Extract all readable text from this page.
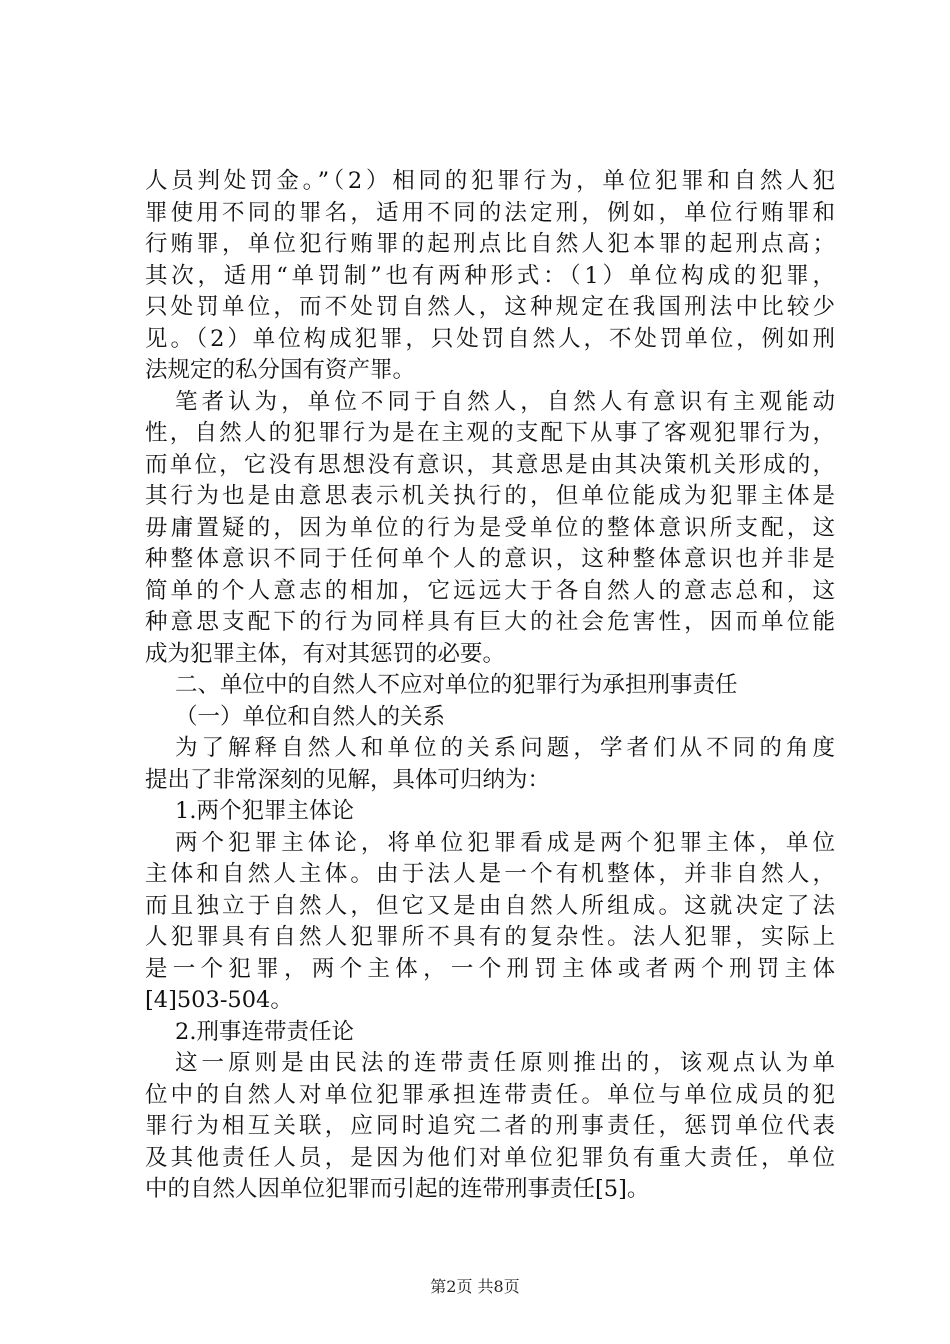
人员判处罚金。”（2）相同的犯罪行为，单位犯罪和自然人犯
罪使用不同的罪名，适用不同的法定刑，例如，单位行贿罪和
行贿罪，单位犯行贿罪的起刑点比自然人犯本罪的起刑点高；
其次，适用“单罚制”也有两种形式：（1）单位构成的犯罪，
只处罚单位，而不处罚自然人，这种规定在我国刑法中比较少
见。（2）单位构成犯罪，只处罚自然人，不处罚单位，例如刑
法规定的私分国有资产罪。
笔者认为，单位不同于自然人，自然人有意识有主观能动
性，自然人的犯罪行为是在主观的支配下从事了客观犯罪行为，
而单位，它没有思想没有意识，其意思是由其决策机关形成的，
其行为也是由意思表示机关执行的，但单位能成为犯罪主体是
毋庸置疑的，因为单位的行为是受单位的整体意识所支配，这
种整体意识不同于任何单个人的意识，这种整体意识也并非是
简单的个人意志的相加，它远远大于各自然人的意志总和，这
种意思支配下的行为同样具有巨大的社会危害性，因而单位能
成为犯罪主体，有对其惩罚的必要。
二、单位中的自然人不应对单位的犯罪行为承担刑事责任
（一）单位和自然人的关系
为了解释自然人和单位的关系问题，学者们从不同的角度
提出了非常深刻的见解，具体可归纳为：
1.两个犯罪主体论
两个犯罪主体论，将单位犯罪看成是两个犯罪主体，单位
主体和自然人主体。由于法人是一个有机整体，并非自然人，
而且独立于自然人，但它又是由自然人所组成。这就决定了法
人犯罪具有自然人犯罪所不具有的复杂性。法人犯罪，实际上
是一个犯罪，两个主体，一个刑罚主体或者两个刑罚主体
[4]503-504。
2.刑事连带责任论
这一原则是由民法的连带责任原则推出的，该观点认为单
位中的自然人对单位犯罪承担连带责任。单位与单位成员的犯
罪行为相互关联，应同时追究二者的刑事责任，惩罚单位代表
及其他责任人员，是因为他们对单位犯罪负有重大责任，单位
中的自然人因单位犯罪而引起的连带刑事责任[5]。
第2页 共8页
